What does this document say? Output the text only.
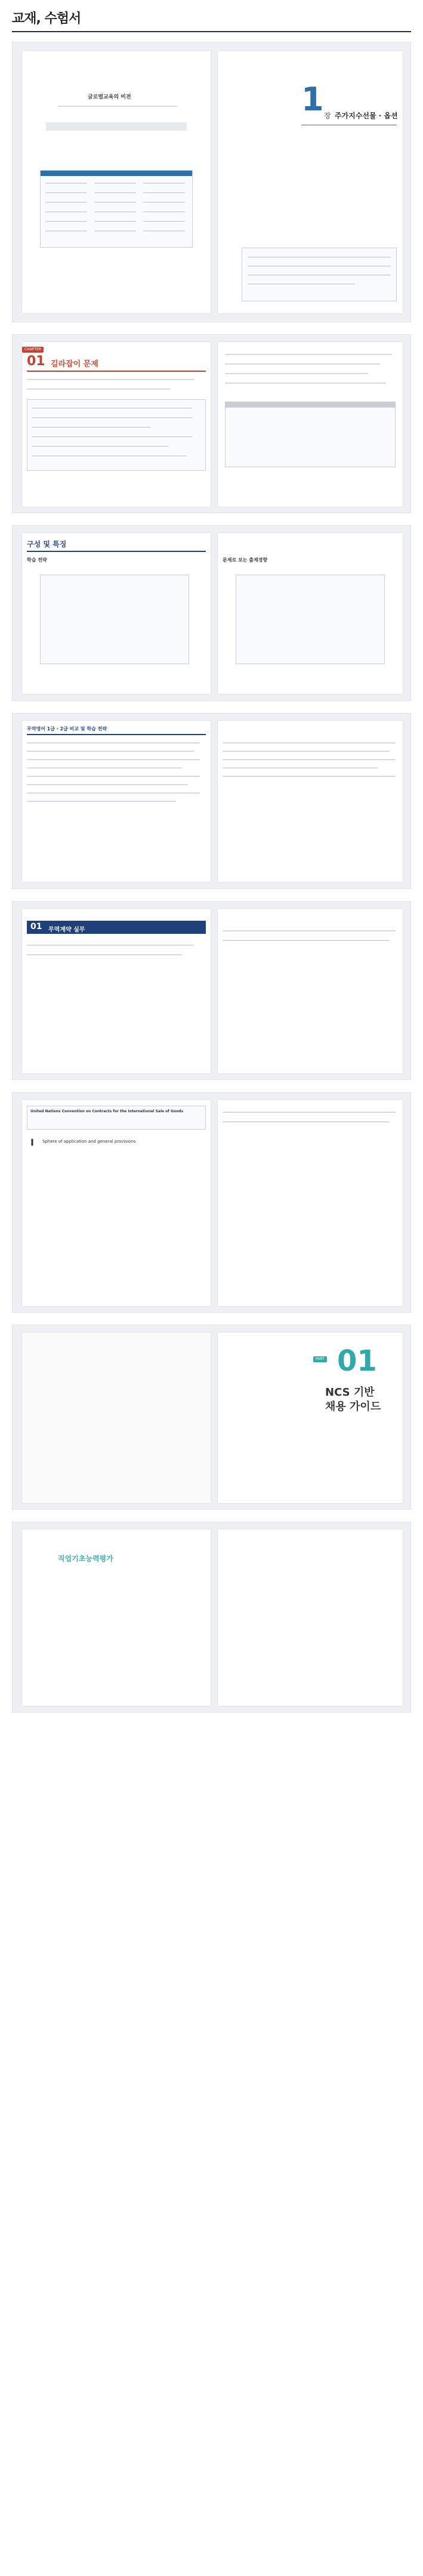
교재, 수험서
글로벌교육의 비전	1 장 주가지수선물 · 옵션
CHAPTER
01 길라잡이 문제
구성 및 특징
학습 전략	문제로 보는 출제경향
무역영어 1급 · 2급 비교 및 학습 전략
01 무역계약 실무
United Nations Convention on Contracts for the International Sale of Goods
I Sphere of application and general provisions
PART 01
NCS 기반
채용 가이드
직업기초능력평가
